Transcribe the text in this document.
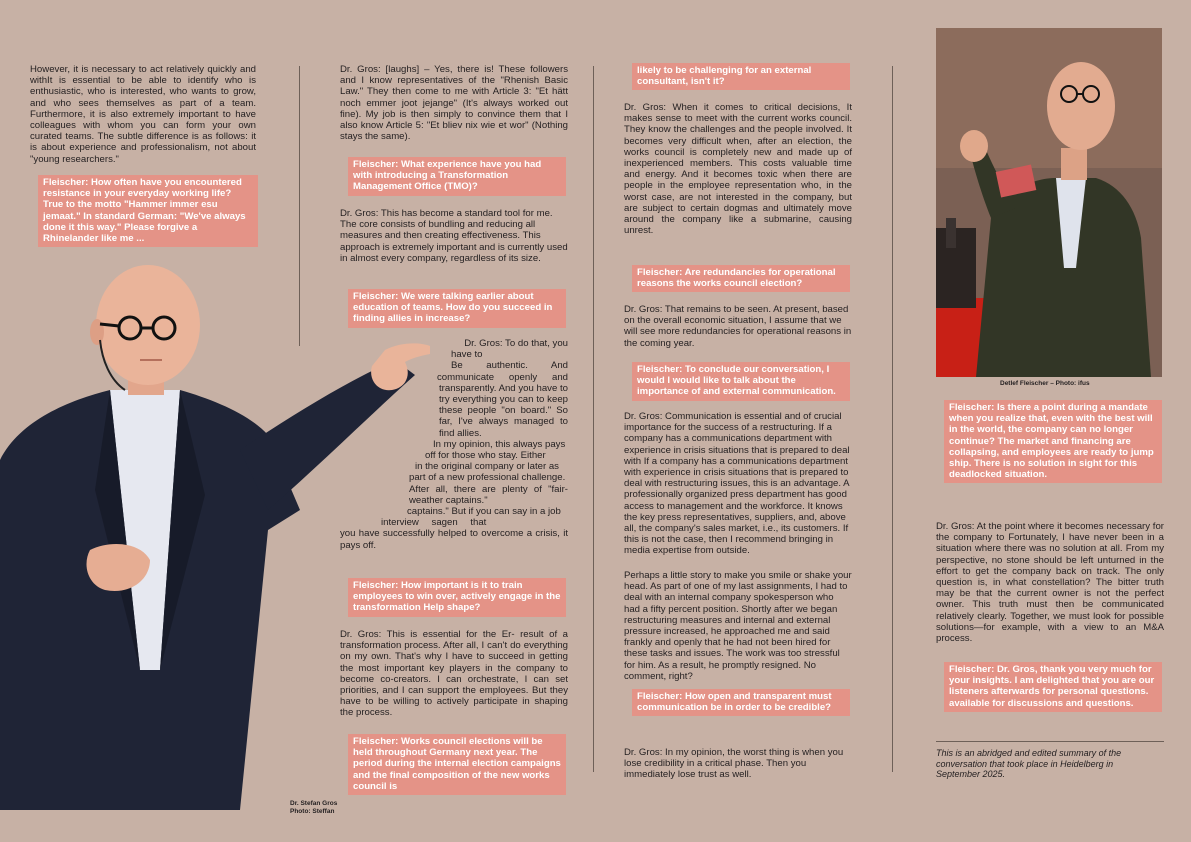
However, it is necessary to act relatively quickly and withIt is essential to be able to identify who is enthusiastic, who is interested, who wants to grow, and who sees themselves as part of a team. Furthermore, it is also extremely important to have colleagues with whom you can form your own curated teams. The subtle difference is as follows: it is about experience and professionalism, not about "young researchers."

Fleischer: How often have you encountered resistance in your everyday working life? True to the motto "Hammer immer esu jemaat." In standard German: "We've always done it this way." Please forgive a Rhinelander like me ...
Dr. Stefan Gros
Photo: Steffan

Dr. Gros: [laughs] – Yes, there is! These followers and I know representatives of the "Rhenish Basic Law." They then come to me with Article 3: "Et hätt noch emmer joot jejange" (It's always worked out fine). My job is then simply to convince them that I also know Article 5: "Et bliev nix wie et wor" (Nothing stays the same).

Fleischer: What experience have you had with introducing a Transformation Management Office (TMO)?

Dr. Gros: This has become a standard tool for me. The core consists of bundling and reducing all measures and then creating effectiveness. This approach is extremely important and is currently used in almost every company, regardless of its size.

Fleischer: We were talking earlier about education of teams. How do you succeed in finding allies in increase?
Dr. Gros: To do that, you
have to
Be authentic. And
communicate openly and
transparently. And you have to
try everything you can to keep
these people "on board." So
far, I've always managed to
find allies.
In my opinion, this always pays
off for those who stay. Either
in the original company or later as
part of a new professional challenge.
After all, there are plenty of "fair-
weather captains."
captains." But if you can say in a job
interview sagen that

you have successfully helped to overcome a crisis, it pays off.

Fleischer: How important is it to train employees to win over, actively engage in the transformation Help shape?

Dr. Gros: This is essential for the Er- result of a transformation process. After all, I can't do everything on my own. That's why I have to succeed in getting the most important key players in the company to become co-creators. I can orchestrate, I can set priorities, and I can support the employees. But they have to be willing to actively participate in shaping the process.

Fleischer: Works council elections will be held throughout Germany next year. The period during the internal election campaigns and the final composition of the new works council is
likely to be challenging for an external consultant, isn't it?

Dr. Gros: When it comes to critical decisions, It makes sense to meet with the current works council. They know the challenges and the people involved. It becomes very difficult when, after an election, the works council is completely new and made up of inexperienced members. This costs valuable time and energy. And it becomes toxic when there are people in the employee representation who, in the worst case, are not interested in the company, but are subject to certain dogmas and ultimately move around the company like a submarine, causing unrest.

Fleischer: Are redundancies for operational reasons the works council election?

Dr. Gros: That remains to be seen. At present, based on the overall economic situation, I assume that we will see more redundancies for operational reasons in the coming year.

Fleischer: To conclude our conversation, I would I would like to talk about the importance of and external communication.

Dr. Gros: Communication is essential and of crucial importance for the success of a restructuring. If a company has a communications department with experience in crisis situations that is prepared to deal with If a company has a communications department with experience in crisis situations that is prepared to deal with restructuring issues, this is an advantage. A professionally organized press department has good access to management and the workforce. It knows the key press representatives, suppliers, and, above all, the company's sales market, i.e., its customers. If this is not the case, then I recommend bringing in media expertise from outside.

Perhaps a little story to make you smile or shake your head. As part of one of my last assignments, I had to deal with an internal company spokesperson who had a fifty percent position. Shortly after we began restructuring measures and internal and external pressure increased, he approached me and said frankly and openly that he had not been hired for these tasks and issues. The work was too stressful for him. As a result, he promptly resigned. No comment, right?

Fleischer: How open and transparent must communication be in order to be credible?

Dr. Gros: In my opinion, the worst thing is when you lose credibility in a critical phase. Then you immediately lose trust as well.

Detlef Fleischer – Photo: ifus
Fleischer: Is there a point during a mandate when you realize that, even with the best will in the world, the company can no longer continue? The market and financing are collapsing, and employees are ready to jump ship. There is no solution in sight for this deadlocked situation.

Dr. Gros: At the point where it becomes necessary for the company to Fortunately, I have never been in a situation where there was no solution at all. From my perspective, no stone should be left unturned in the effort to get the company back on track. The only question is, in what constellation? The bitter truth may be that the current owner is not the perfect owner. This truth must then be communicated relatively clearly. Together, we must look for possible solutions—for example, with a view to an M&A process.

Fleischer: Dr. Gros, thank you very much for your insights. I am delighted that you are our listeners afterwards for personal questions. available for discussions and questions.
This is an abridged and edited summary of the conversation that took place in Heidelberg in September 2025.
